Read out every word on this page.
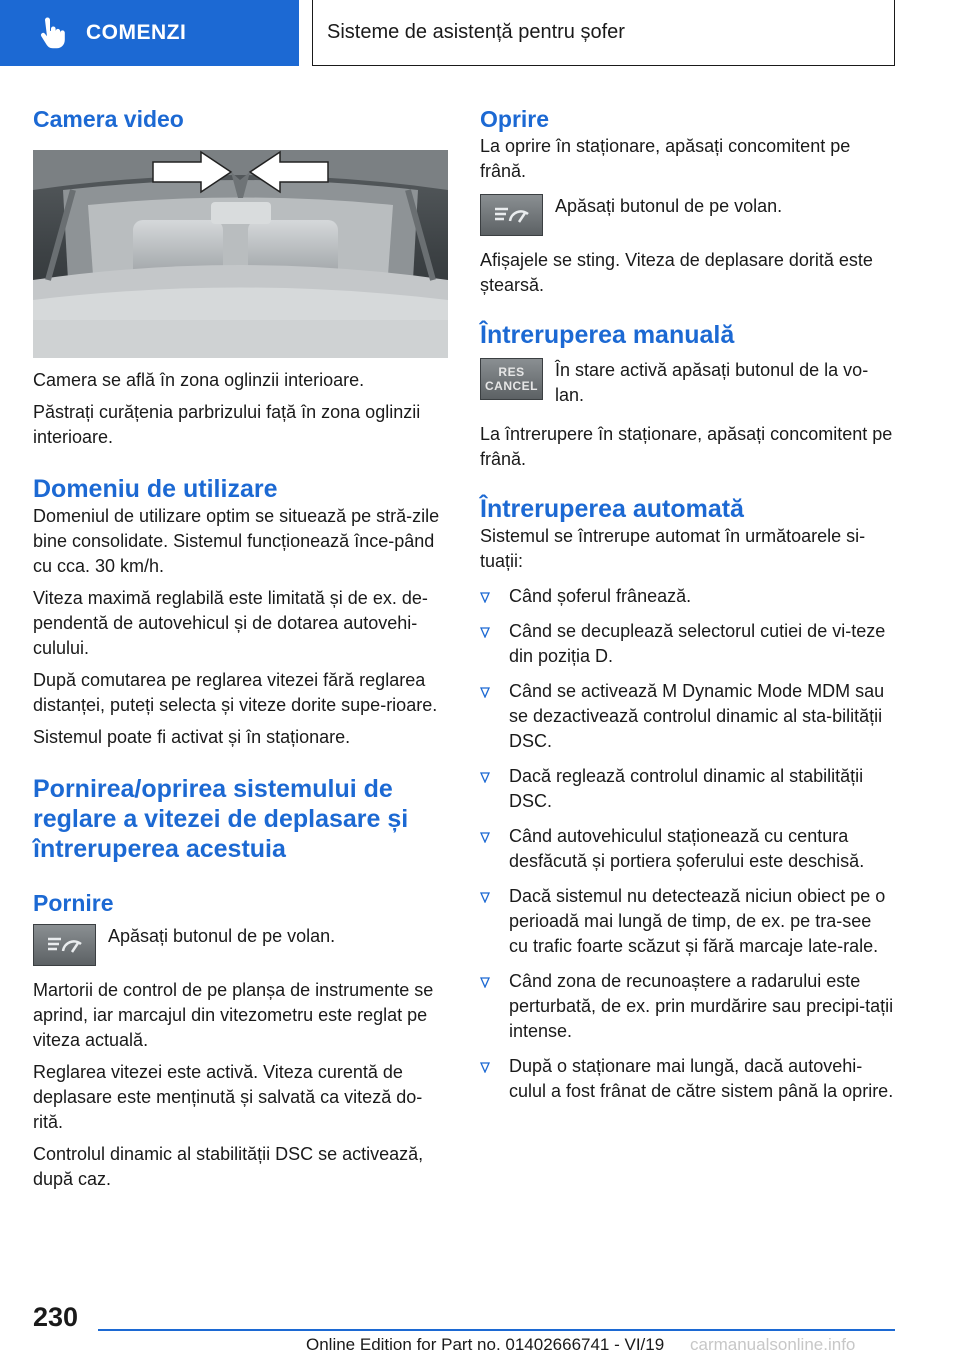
COMENZI	Sisteme de asistență pentru șofer
Camera video

Camera se află în zona oglinzii interioare.

Păstrați curățenia parbrizului față în zona oglinzii interioare.

Domeniu de utilizare

Domeniul de utilizare optim se situează pe stră-zile bine consolidate. Sistemul funcționează înce-pând cu cca. 30 km/h.

Viteza maximă reglabilă este limitată și de ex. de-pendentă de autovehicul și de dotarea autovehi-culului.

După comutarea pe reglarea vitezei fără reglarea distanței, puteți selecta și viteze dorite supe-rioare.

Sistemul poate fi activat și în staționare.

Pornirea/oprirea sistemului de reglare a vitezei de deplasare și întreruperea acestuia
Pornire
Apăsați butonul de pe volan.

Martorii de control de pe planșa de instrumente se aprind, iar marcajul din vitezometru este reglat pe viteza actuală.

Reglarea vitezei este activă. Viteza curentă de deplasare este menținută și salvată ca viteză do-rită.

Controlul dinamic al stabilității DSC se activează, după caz.

Oprire

La oprire în staționare, apăsați concomitent pe frână.

Apăsați butonul de pe volan.

Afișajele se sting. Viteza de deplasare dorită este ștearsă.

Întreruperea manuală
RES
CANCEL
În stare activă apăsați butonul de la vo-lan.

La întrerupere în staționare, apăsați concomitent pe frână.

Întreruperea automată

Sistemul se întrerupe automat în următoarele si-tuații:

Când șoferul frânează.
Când se decuplează selectorul cutiei de vi-teze din poziția D.
Când se activează M Dynamic Mode MDM sau se dezactivează controlul dinamic al sta-bilității DSC.
Dacă reglează controlul dinamic al stabilității DSC.
Când autovehiculul staționează cu centura desfăcută și portiera șoferului este deschisă.
Dacă sistemul nu detectează niciun obiect pe o perioadă mai lungă de timp, de ex. pe tra-see cu trafic foarte scăzut și fără marcaje late-rale.
Când zona de recunoaștere a radarului este perturbată, de ex. prin murdărire sau precipi-tații intense.
După o staționare mai lungă, dacă autovehi-culul a fost frânat de către sistem până la oprire.
230
Online Edition for Part no. 01402666741 - VI/19 carmanualsonline.info
